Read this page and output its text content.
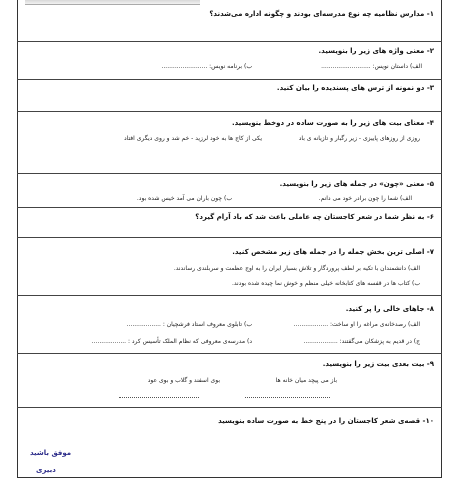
۱- مدارس نظامیه چه نوع مدرسه‌ای بودند و چگونه اداره می‌شدند؟
۲- معنی واژه های زیر را بنویسید.
الف) داستان نویس: ..........................
ب) برنامه نویس: ........................
۳- دو نمونه از ترس های پسندیده را بیان کنید.
۴- معنای بیت های زیر را به صورت ساده در دوخط بنویسید.
روزی از روزهای پاییزی - زیر رگبار و تازیانه ی باد
یکی از کاج ها به خود لرزید - خم شد و روی دیگری افتاد
۵- معنی «چون» در جمله های زیر را بنویسید.
الف) شما را چون برادر خود می دانم.
ب) چون باران می آمد خیس شده بود.
۶- به نظر شما در شعر کاجستان چه عاملی باعث شد که باد آرام گیرد؟
۷- اصلی ترین بخش جمله را در جمله های زیر مشخص کنید.
الف) دانشمندان با تکیه بر لطف پروردگار و تلاش بسیار ایران را به اوج عظمت و سربلندی رساندند.
ب) کتاب ها در قفسه های کتابخانه خیلی منظم و خوش نما چیده شده بودند.
۸- جاهای خالی را پر کنید.
الف) رصدخانه‌ی مراغه را او ساخت: ..................
ب) تابلوی معروف استاد فرشچیان : ..................
ج) در قدیم به پزشکان می‌گفتند: ..................
د) مدرسه‌ی معروفی که نظام الملک تأسیس کرد : ..................
۹- بیت بعدی بیت زیر را بنویسید.
باز می پیچد میان خانه ها
بوی اسفند و گلاب و بوی عود
۱۰- قصه‌ی شعر کاجستان را در پنج خط به صورت ساده بنویسید
موفق باشید
دبیری
